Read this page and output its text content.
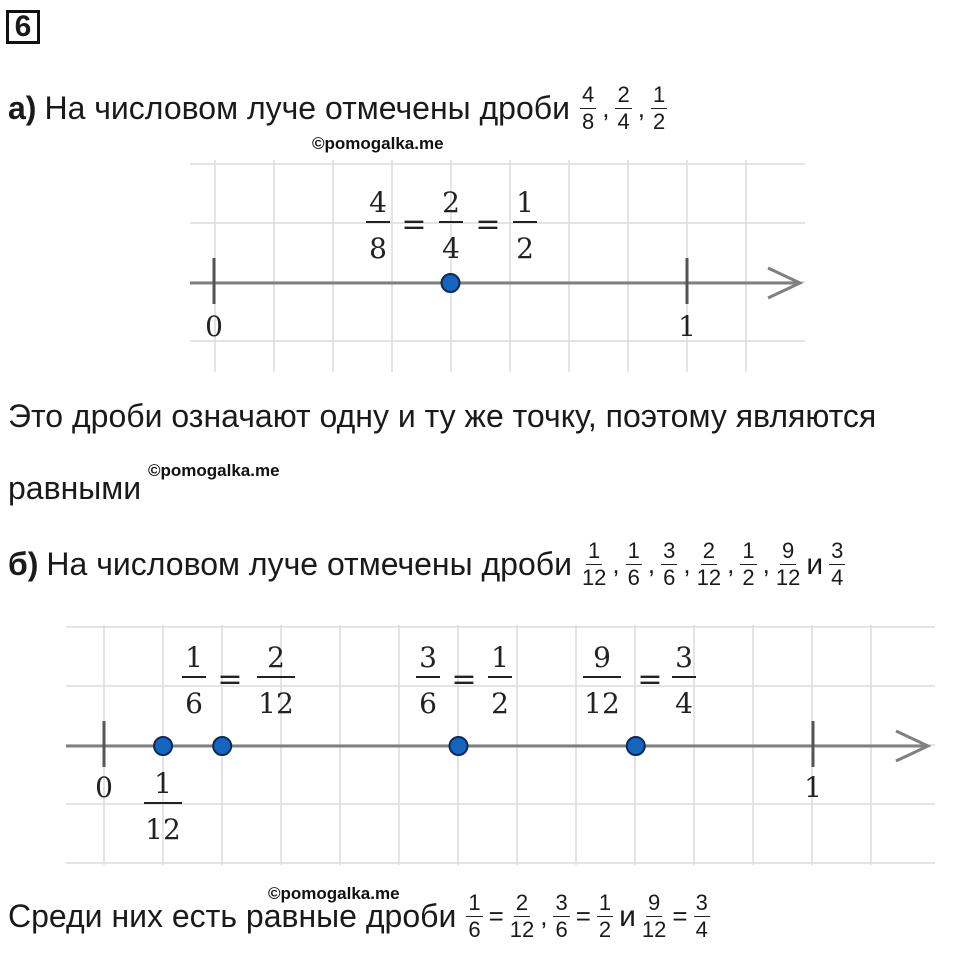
6
а) На числовом луче отмечены дроби $\frac{4}{8}$ , $\frac{2}{4}$ , $\frac{1}{2}$
©pomogalka.me
0	1
4
8
=
2
4
=
1
2
Это дроби означают одну и ту же точку, поэтому являются
равными ©pomogalka.me
б) На числовом луче отмечены дроби $\frac{1}{12}$ , $\frac{1}{6}$ , $\frac{3}{6}$ , $\frac{2}{12}$ , $\frac{1}{2}$ , $\frac{9}{12}$ и $\frac{3}{4}$
0	1
1
6
=
2
12
3
6
=
1
2
9
12
=
3
4
1
12
©pomogalka.me
Среди них есть равные дроби $\frac{1}{6} = \frac{2}{12}$ , $\frac{3}{6} = \frac{1}{2}$ и $\frac{9}{12} = \frac{3}{4}$
